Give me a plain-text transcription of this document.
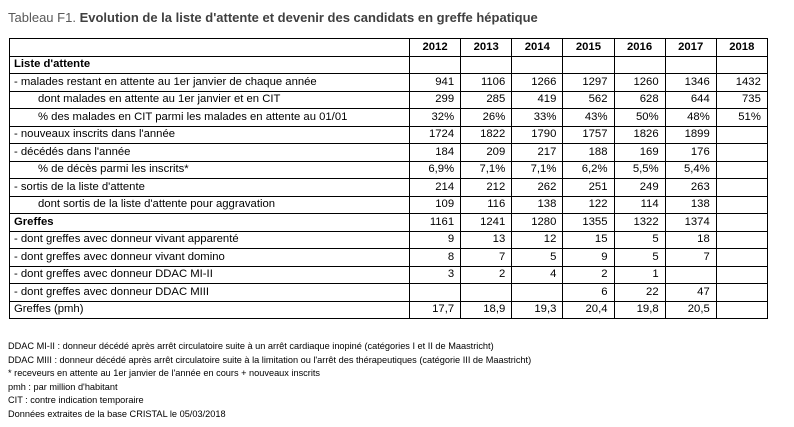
Tableau F1. Evolution de la liste d'attente et devenir des candidats en greffe hépatique
	2012	2013	2014	2015	2016	2017	2018
Liste d'attente							
- malades restant en attente au 1er janvier de chaque année	941	1106	1266	1297	1260	1346	1432
dont malades en attente au 1er janvier et en CIT	299	285	419	562	628	644	735
% des malades en CIT parmi les malades en attente au 01/01	32%	26%	33%	43%	50%	48%	51%
- nouveaux inscrits dans l'année	1724	1822	1790	1757	1826	1899	
- décédés dans l'année	184	209	217	188	169	176	
% de décès parmi les inscrits*	6,9%	7,1%	7,1%	6,2%	5,5%	5,4%	
- sortis de la liste d'attente	214	212	262	251	249	263	
dont sortis de la liste d'attente pour aggravation	109	116	138	122	114	138	
Greffes	1161	1241	1280	1355	1322	1374	
- dont greffes avec donneur vivant apparenté	9	13	12	15	5	18	
- dont greffes avec donneur vivant domino	8	7	5	9	5	7	
- dont greffes avec donneur DDAC MI-II	3	2	4	2	1		
- dont greffes avec donneur DDAC MIII				6	22	47	
Greffes (pmh)	17,7	18,9	19,3	20,4	19,8	20,5	
DDAC MI-II : donneur décédé après arrêt circulatoire suite à un arrêt cardiaque inopiné (catégories I et II de Maastricht)
DDAC MIII : donneur décédé après arrêt circulatoire suite à la limitation ou l'arrêt des thérapeutiques (catégorie III de Maastricht)
* receveurs en attente au 1er janvier de l'année en cours + nouveaux inscrits
pmh : par million d'habitant
CIT : contre indication temporaire
Données extraites de la base CRISTAL le 05/03/2018
